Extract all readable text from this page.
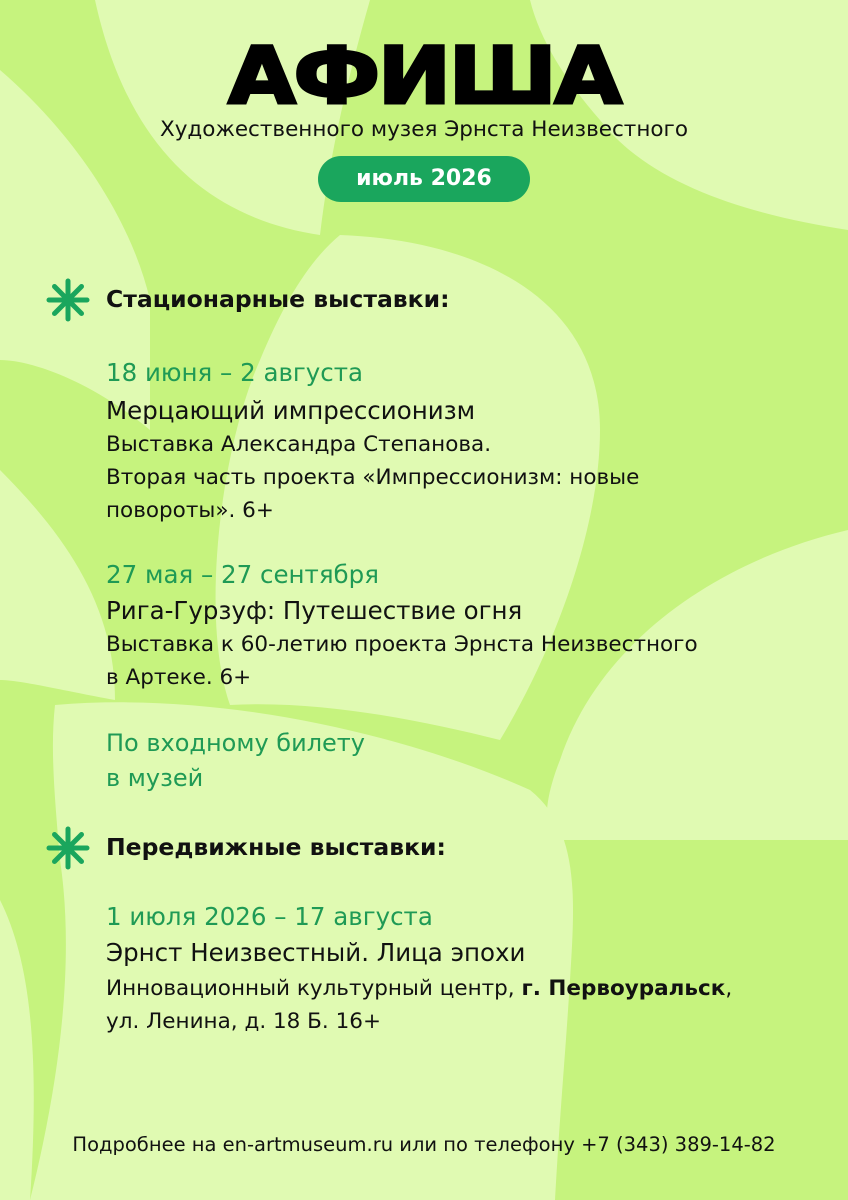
АФИША
Художественного музея Эрнста Неизвестного
июль 2026
Стационарные выставки:
18 июня – 2 августа
Мерцающий импрессионизм
Выставка Александра Степанова.
Вторая часть проекта «Импрессионизм: новые
повороты». 6+
27 мая – 27 сентября
Рига-Гурзуф: Путешествие огня
Выставка к 60-летию проекта Эрнста Неизвестного
в Артеке. 6+
По входному билету
в музей
Передвижные выставки:
1 июля 2026 – 17 августа
Эрнст Неизвестный. Лица эпохи
Инновационный культурный центр, г. Первоуральск,
ул. Ленина, д. 18 Б. 16+
Подробнее на en-artmuseum.ru или по телефону +7 (343) 389-14-82
